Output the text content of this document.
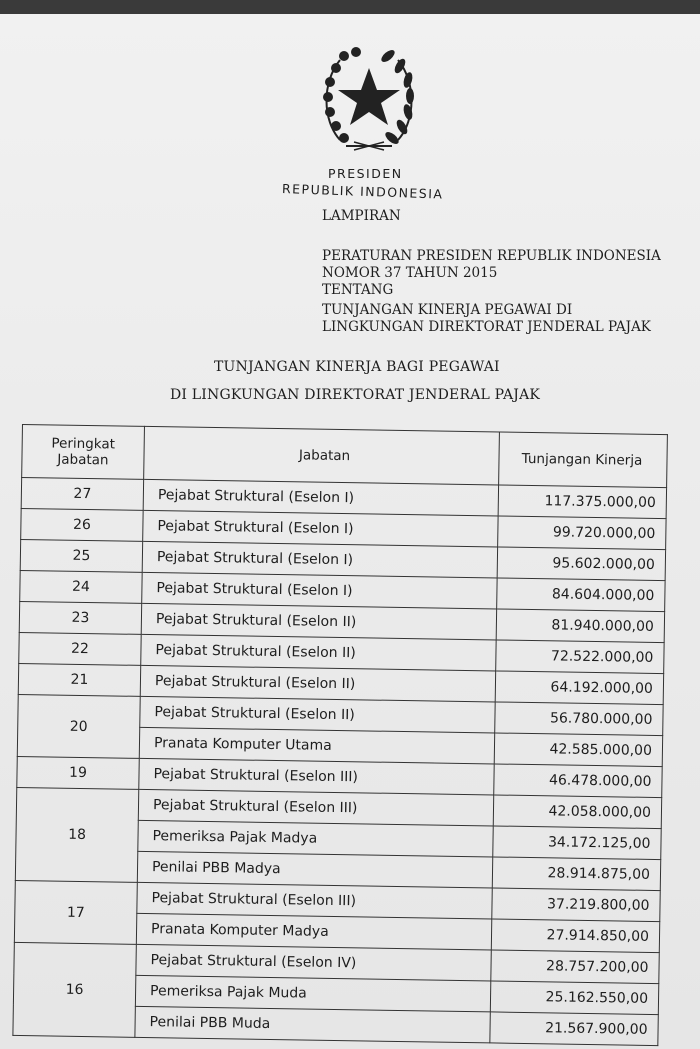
PRESIDEN
REPUBLIK INDONESIA
LAMPIRAN
PERATURAN PRESIDEN REPUBLIK INDONESIA
NOMOR 37 TAHUN 2015
TENTANG
TUNJANGAN KINERJA PEGAWAI DI
LINGKUNGAN DIREKTORAT JENDERAL PAJAK
TUNJANGAN KINERJA BAGI PEGAWAI
DI LINGKUNGAN DIREKTORAT JENDERAL PAJAK
Peringkat Jabatan	Jabatan	Tunjangan Kinerja
27	Pejabat Struktural (Eselon I)	117.375.000,00
26	Pejabat Struktural (Eselon I)	99.720.000,00
25	Pejabat Struktural (Eselon I)	95.602.000,00
24	Pejabat Struktural (Eselon I)	84.604.000,00
23	Pejabat Struktural (Eselon II)	81.940.000,00
22	Pejabat Struktural (Eselon II)	72.522.000,00
21	Pejabat Struktural (Eselon II)	64.192.000,00
20	Pejabat Struktural (Eselon II)	56.780.000,00
	Pranata Komputer Utama	42.585.000,00
19	Pejabat Struktural (Eselon III)	46.478.000,00
18	Pejabat Struktural (Eselon III)	42.058.000,00
	Pemeriksa Pajak Madya	34.172.125,00
	Penilai PBB Madya	28.914.875,00
17	Pejabat Struktural (Eselon III)	37.219.800,00
	Pranata Komputer Madya	27.914.850,00
16	Pejabat Struktural (Eselon IV)	28.757.200,00
	Pemeriksa Pajak Muda	25.162.550,00
	Penilai PBB Muda	21.567.900,00
